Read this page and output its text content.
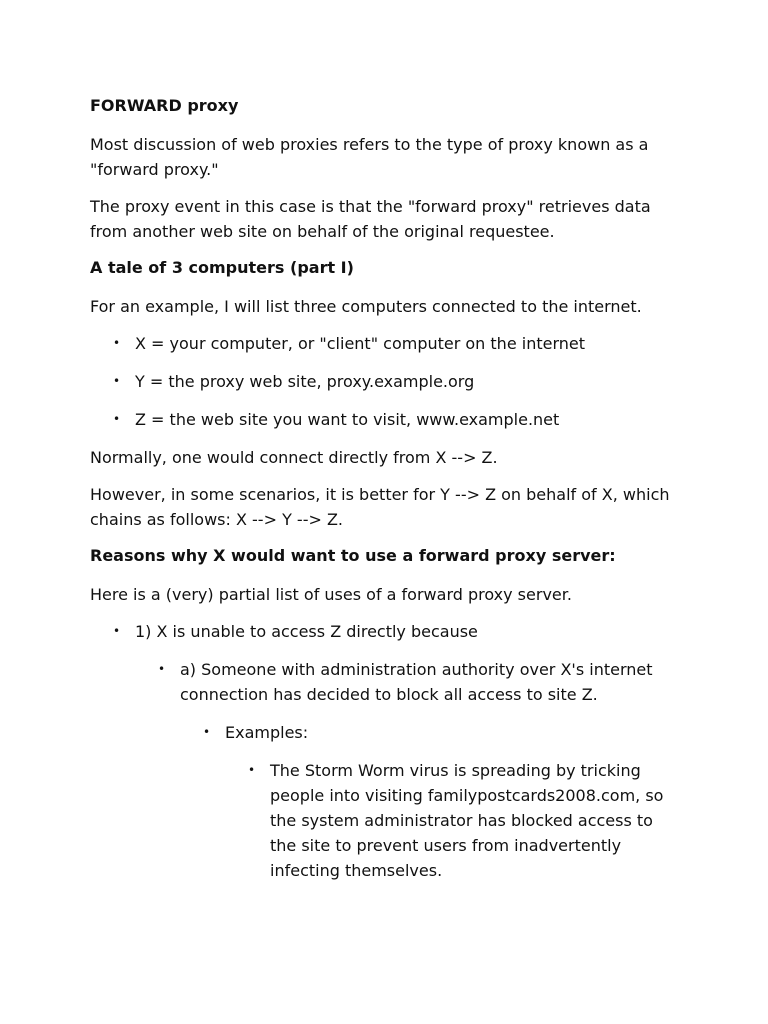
FORWARD proxy

Most discussion of web proxies refers to the type of proxy known as a "forward proxy."

The proxy event in this case is that the "forward proxy" retrieves data from another web site on behalf of the original requestee.

A tale of 3 computers (part I)

For an example, I will list three computers connected to the internet.

• X = your computer, or "client" computer on the internet
• Y = the proxy web site, proxy.example.org
• Z = the web site you want to visit, www.example.net

Normally, one would connect directly from X --> Z.

However, in some scenarios, it is better for Y --> Z on behalf of X, which chains as follows: X --> Y --> Z.

Reasons why X would want to use a forward proxy server:

Here is a (very) partial list of uses of a forward proxy server.

• 1) X is unable to access Z directly because
• a) Someone with administration authority over X's internet connection has decided to block all access to site Z.
• Examples:
• The Storm Worm virus is spreading by tricking people into visiting familypostcards2008.com, so the system administrator has blocked access to the site to prevent users from inadvertently infecting themselves.
